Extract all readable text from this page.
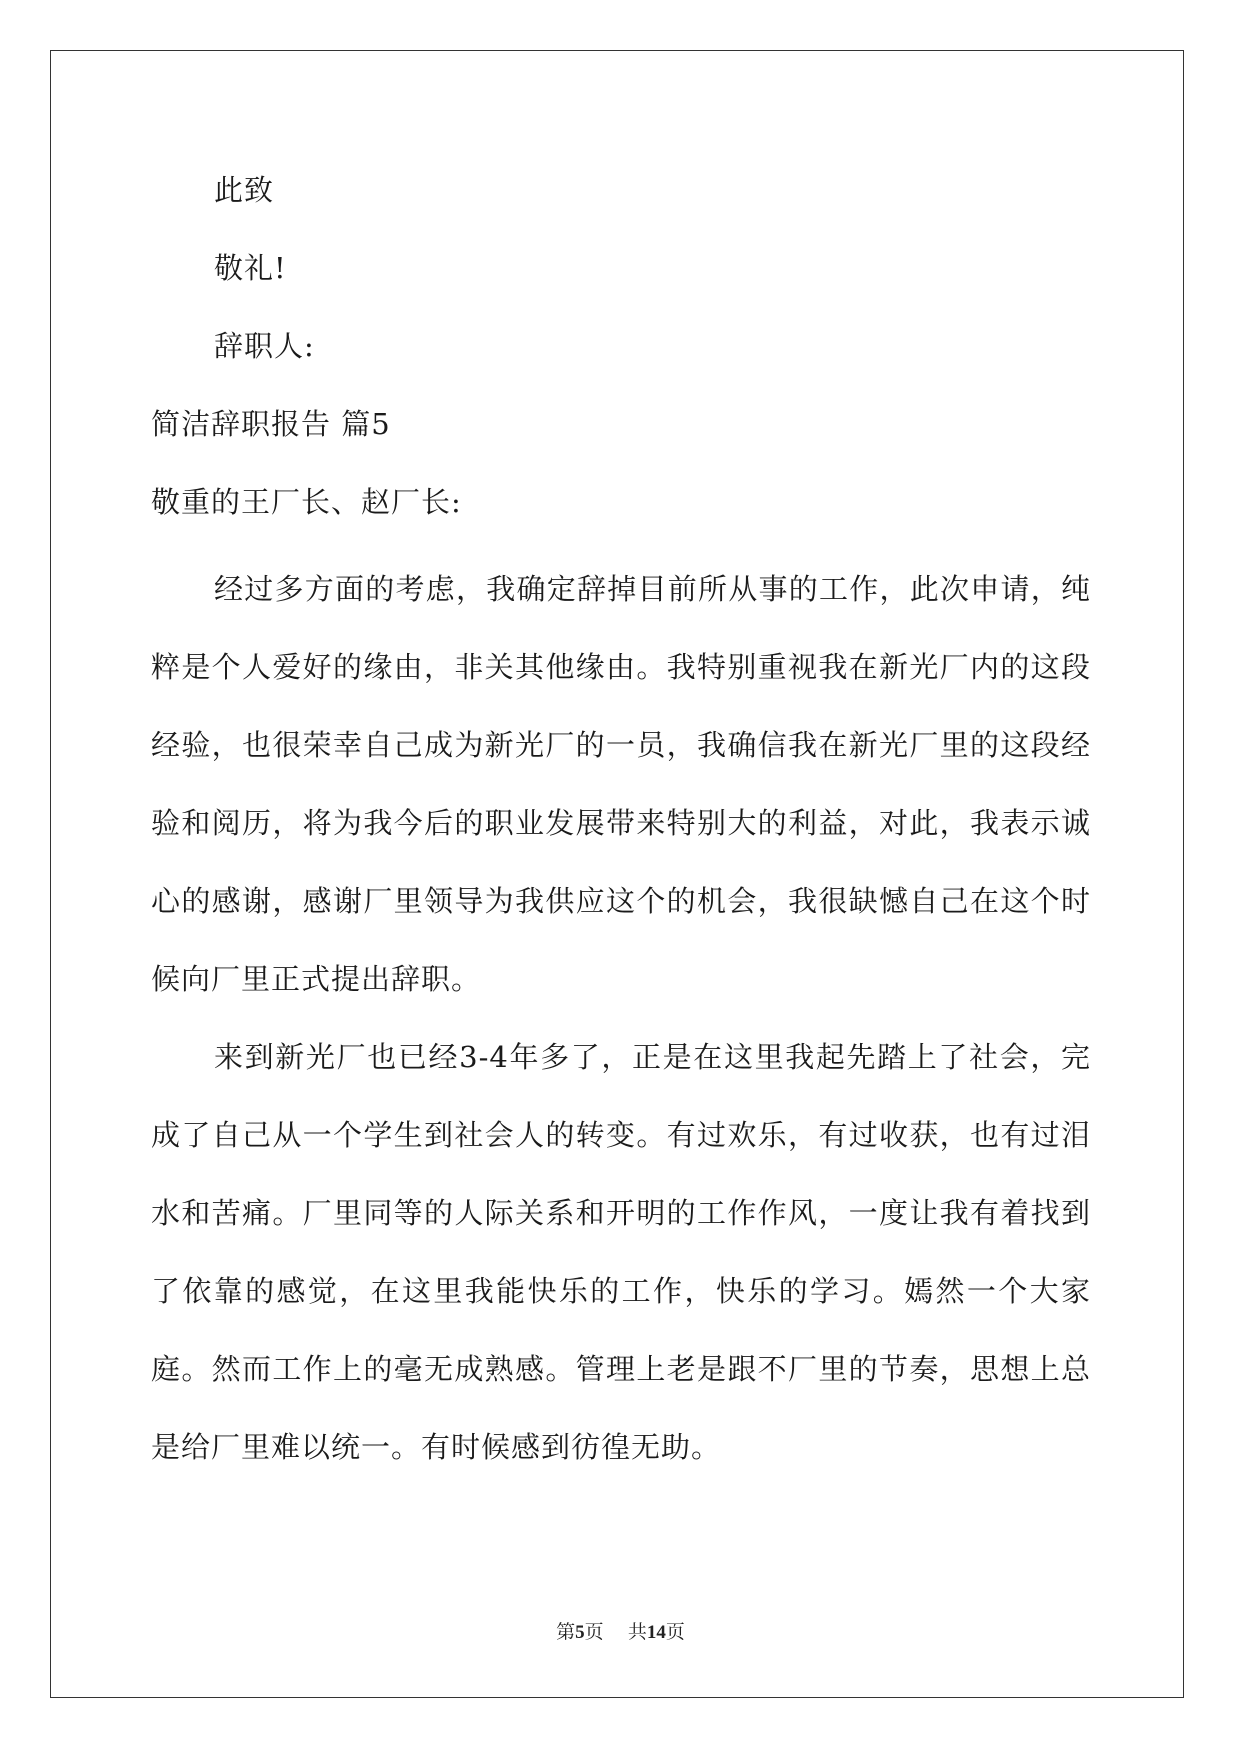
此致
敬礼!
辞职人:
简洁辞职报告 篇5
敬重的王厂长、赵厂长:

经过多方面的考虑，我确定辞掉目前所从事的工作，此次申请，纯粹是个人爱好的缘由，非关其他缘由。我特别重视我在新光厂内的这段经验，也很荣幸自己成为新光厂的一员，我确信我在新光厂里的这段经验和阅历，将为我今后的职业发展带来特别大的利益，对此，我表示诚心的感谢，感谢厂里领导为我供应这个的机会，我很缺憾自己在这个时候向厂里正式提出辞职。

来到新光厂也已经3-4年多了，正是在这里我起先踏上了社会，完成了自己从一个学生到社会人的转变。有过欢乐，有过收获，也有过泪水和苦痛。厂里同等的人际关系和开明的工作作风，一度让我有着找到了依靠的感觉，在这里我能快乐的工作，快乐的学习。嫣然一个大家庭。然而工作上的毫无成熟感。管理上老是跟不厂里的节奏，思想上总是给厂里难以统一。有时候感到彷徨无助。

第5页 共14页
